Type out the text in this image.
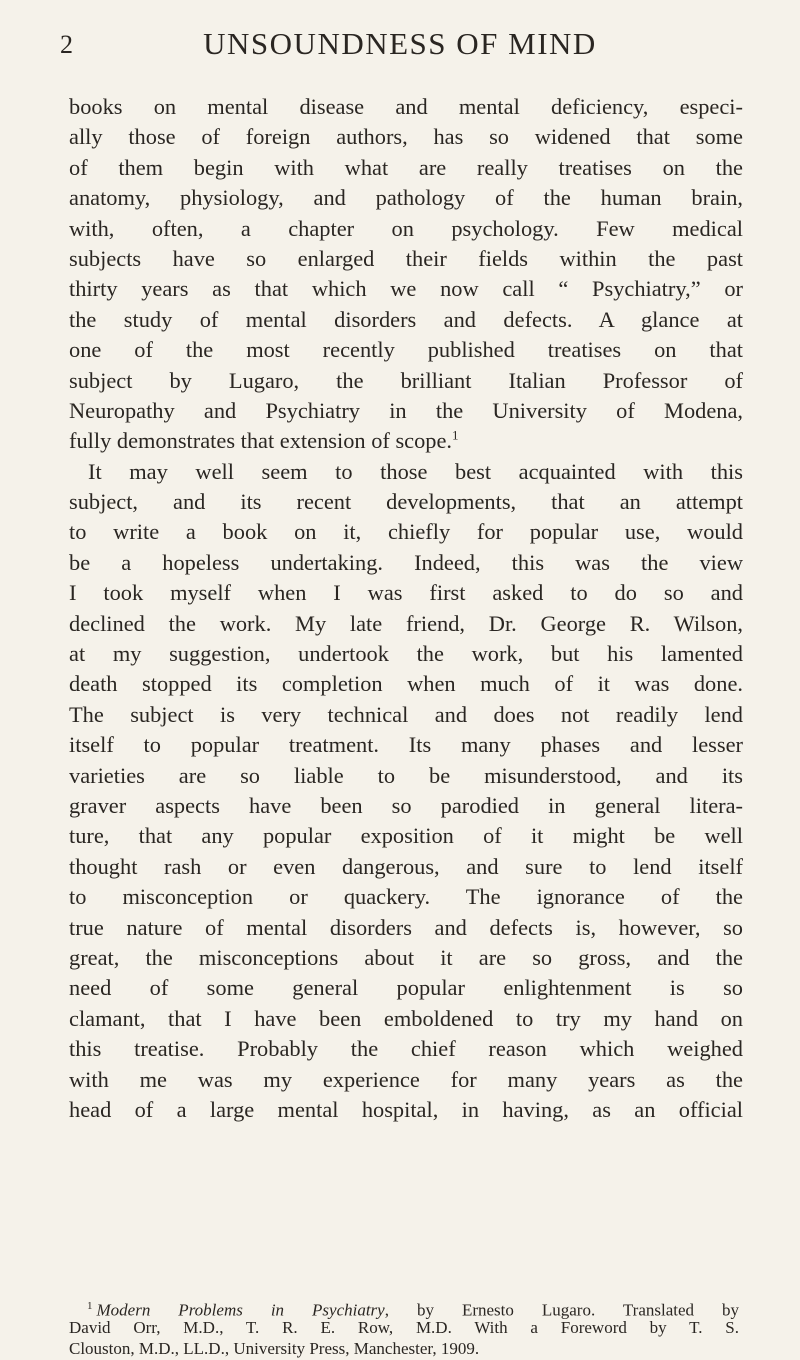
2	UNSOUNDNESS OF MIND
books on mental disease and mental deficiency, especi-
ally those of foreign authors, has so widened that some
of them begin with what are really treatises on the
anatomy, physiology, and pathology of the human brain,
with, often, a chapter on psychology. Few medical
subjects have so enlarged their fields within the past
thirty years as that which we now call “ Psychiatry,” or
the study of mental disorders and defects. A glance at
one of the most recently published treatises on that
subject by Lugaro, the brilliant Italian Professor of
Neuropathy and Psychiatry in the University of Modena,
fully demonstrates that extension of scope.$^1$
It may well seem to those best acquainted with this
subject, and its recent developments, that an attempt
to write a book on it, chiefly for popular use, would
be a hopeless undertaking. Indeed, this was the view
I took myself when I was first asked to do so and
declined the work. My late friend, Dr. George R. Wilson,
at my suggestion, undertook the work, but his lamented
death stopped its completion when much of it was done.
The subject is very technical and does not readily lend
itself to popular treatment. Its many phases and lesser
varieties are so liable to be misunderstood, and its
graver aspects have been so parodied in general litera-
ture, that any popular exposition of it might be well
thought rash or even dangerous, and sure to lend itself
to misconception or quackery. The ignorance of the
true nature of mental disorders and defects is, however, so
great, the misconceptions about it are so gross, and the
need of some general popular enlightenment is so
clamant, that I have been emboldened to try my hand on
this treatise. Probably the chief reason which weighed
with me was my experience for many years as the
head of a large mental hospital, in having, as an official
$^1$ Modern Problems in Psychiatry, by Ernesto Lugaro. Translated by
David Orr, M.D., T. R. E. Row, M.D. With a Foreword by T. S.
Clouston, M.D., LL.D., University Press, Manchester, 1909.
